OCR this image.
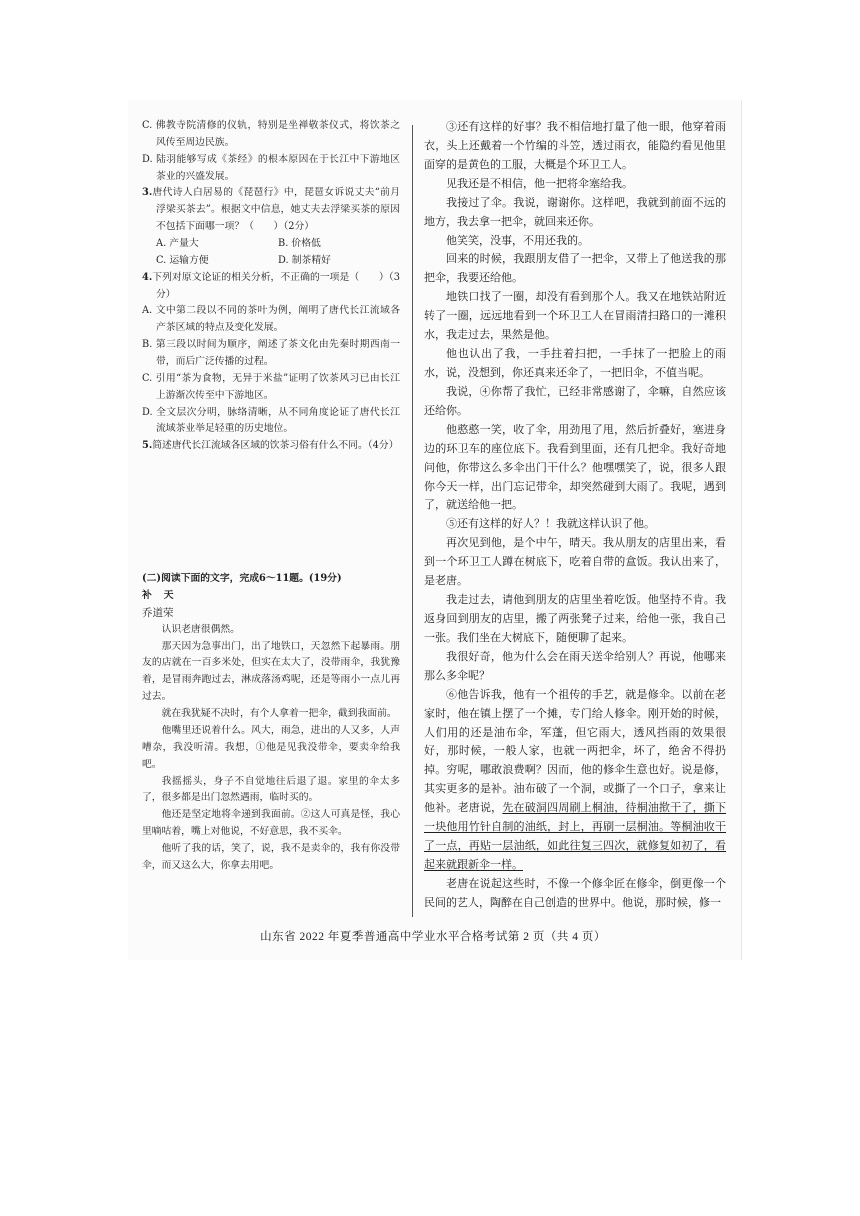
C. 佛教寺院清修的仪轨，特别是坐禅敬茶仪式，将饮茶之风传至周边民族。

D. 陆羽能够写成《茶经》的根本原因在于长江中下游地区茶业的兴盛发展。

3.唐代诗人白居易的《琵琶行》中，琵琶女诉说丈夫“前月浮梁买茶去”。根据文中信息，她丈夫去浮梁买茶的原因不包括下面哪一项？（　　）（2分）

A. 产量大	B. 价格低
C. 运输方便	D. 制茶精好

4.下列对原文论证的相关分析，不正确的一项是（　　）（3分）

A. 文中第二段以不同的茶叶为例，阐明了唐代长江流域各产茶区域的特点及变化发展。

B. 第三段以时间为顺序，阐述了茶文化由先秦时期西南一带，而后广泛传播的过程。

C. 引用“茶为食物，无异于米盐”证明了饮茶风习已由长江上游渐次传至中下游地区。

D. 全文层次分明，脉络清晰，从不同角度论证了唐代长江流域茶业举足轻重的历史地位。

5.简述唐代长江流域各区域的饮茶习俗有什么不同。（4分）

(二)阅读下面的文字，完成6～11题。(19分)

补天

乔道荣

认识老唐很偶然。

那天因为急事出门，出了地铁口，天忽然下起暴雨。朋友的店就在一百多米处，但实在太大了，没带雨伞，我犹豫着，是冒雨奔跑过去，淋成落汤鸡呢，还是等雨小一点儿再过去。

就在我犹疑不决时，有个人拿着一把伞，截到我面前。

他嘴里还说着什么。风大，雨急，进出的人又多，人声嘈杂，我没听清。我想，①他是见我没带伞，要卖伞给我吧。

我摇摇头，身子不自觉地往后退了退。家里的伞太多了，很多都是出门忽然遇雨，临时买的。

他还是坚定地将伞递到我面前。②这人可真是怪，我心里嘀咕着，嘴上对他说，不好意思，我不买伞。

他听了我的话，笑了，说，我不是卖伞的，我有你没带伞，而又这么大，你拿去用吧。

③还有这样的好事？我不相信地打量了他一眼，他穿着雨衣，头上还戴着一个竹编的斗笠，透过雨衣，能隐约看见他里面穿的是黄色的工服，大概是个环卫工人。

见我还是不相信，他一把将伞塞给我。

我接过了伞。我说，谢谢你。这样吧，我就到前面不远的地方，我去拿一把伞，就回来还你。

他笑笑，没事，不用还我的。

回来的时候，我跟朋友借了一把伞，又带上了他送我的那把伞，我要还给他。

地铁口找了一圈，却没有看到那个人。我又在地铁站附近转了一圈，远远地看到一个环卫工人在冒雨清扫路口的一滩积水，我走过去，果然是他。

他也认出了我，一手拄着扫把，一手抹了一把脸上的雨水，说，没想到，你还真来还伞了，一把旧伞，不值当呢。

我说，④你帮了我忙，已经非常感谢了，伞嘛，自然应该还给你。

他憨憨一笑，收了伞，用劲甩了甩，然后折叠好，塞进身边的环卫车的座位底下。我看到里面，还有几把伞。我好奇地问他，你带这么多伞出门干什么？他嘿嘿笑了，说，很多人跟你今天一样，出门忘记带伞，却突然碰到大雨了。我呢，遇到了，就送给他一把。

⑤还有这样的好人？！我就这样认识了他。

再次见到他，是个中午，晴天。我从朋友的店里出来，看到一个环卫工人蹲在树底下，吃着自带的盒饭。我认出来了，是老唐。

我走过去，请他到朋友的店里坐着吃饭。他坚持不肯。我返身回到朋友的店里，搬了两张凳子过来，给他一张，我自己一张。我们坐在大树底下，随便聊了起来。

我很好奇，他为什么会在雨天送伞给别人？再说，他哪来那么多伞呢？

⑥他告诉我，他有一个祖传的手艺，就是修伞。以前在老家时，他在镇上摆了一个摊，专门给人修伞。刚开始的时候，人们用的还是油布伞，军蓬，但它雨大，透风挡雨的效果很好，那时候，一般人家，也就一两把伞，坏了，绝舍不得扔掉。穷呢，哪敢浪费啊？因而，他的修伞生意也好。说是修，其实更多的是补。油布破了一个洞，或撕了一个口子，拿来让他补。老唐说，先在破洞四周刷上桐油，待桐油揿干了，撕下一块他用竹针自制的油纸，封上，再刷一层桐油。等桐油收干了一点，再贴一层油纸，如此往复三四次，就修复如初了，看起来就跟新伞一样。

老唐在说起这些时，不像一个修伞匠在修伞，倒更像一个民间的艺人，陶醉在自己创造的世界中。他说，那时候，修一

山东省 2022 年夏季普通高中学业水平合格考试第 2 页（共 4 页）
